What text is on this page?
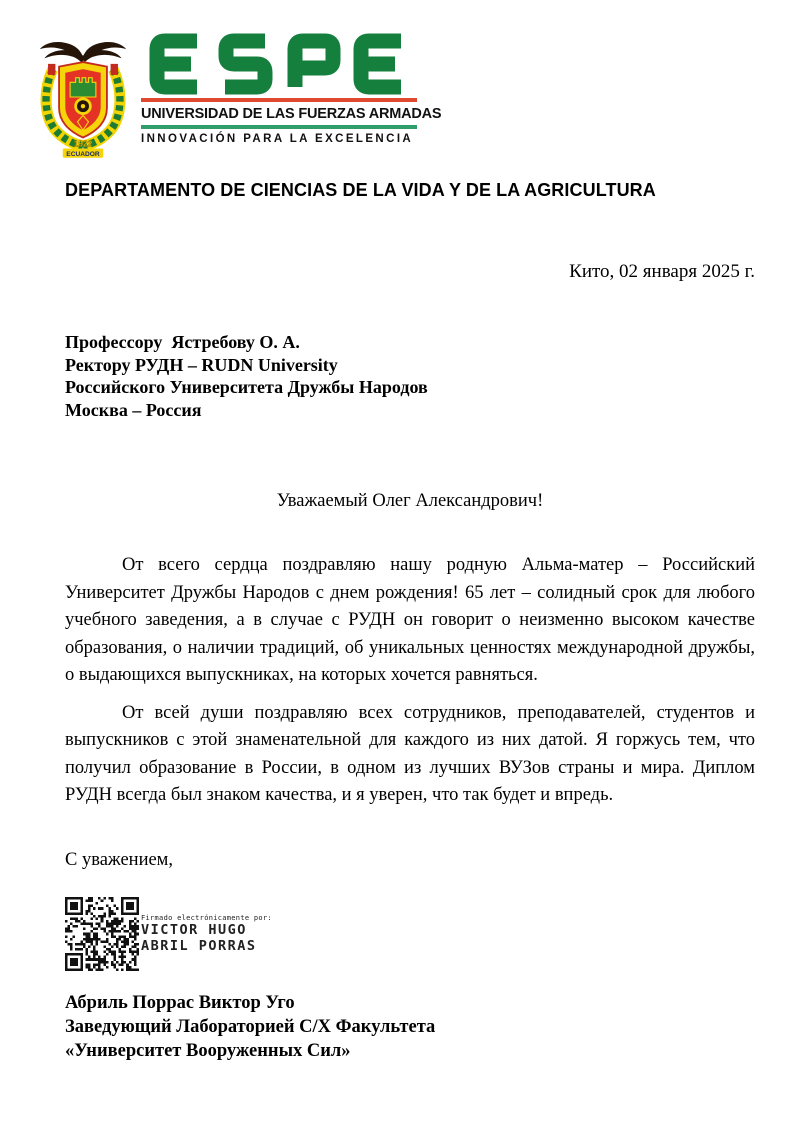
1922
ECUADOR
UNIVERSIDAD DE LAS FUERZAS ARMADAS
INNOVACIÓN PARA LA EXCELENCIA
DEPARTAMENTO DE CIENCIAS DE LA VIDA Y DE LA AGRICULTURA
Кито, 02 января 2025 г.
Профессору  Ястребову О. А.
Ректору РУДН – RUDN University
Российского Университета Дружбы Народов
Москва – Россия
Уважаемый Олег Александрович!
От всего сердца поздравляю нашу родную Альма-матер – Российский Университет Дружбы Народов с днем рождения! 65 лет – солидный срок для любого учебного заведения, а в случае с РУДН он говорит о неизменно высоком качестве образования, о наличии традиций, об уникальных ценностях международной дружбы, о выдающихся выпускниках, на которых хочется равняться.
От всей души поздравляю всех сотрудников, преподавателей, студентов и выпускников с этой знаменательной для каждого из них датой. Я горжусь тем, что получил образование в России, в одном из лучших ВУЗов страны и мира. Диплом РУДН всегда был знаком качества, и я уверен, что так будет и впредь.
С уважением,
Firmado electrónicamente por:
VICTOR HUGO
ABRIL PORRAS
Абриль Поррас Виктор Уго
Заведующий Лабораторией С/Х Факультета
«Университет Вооруженных Сил»
